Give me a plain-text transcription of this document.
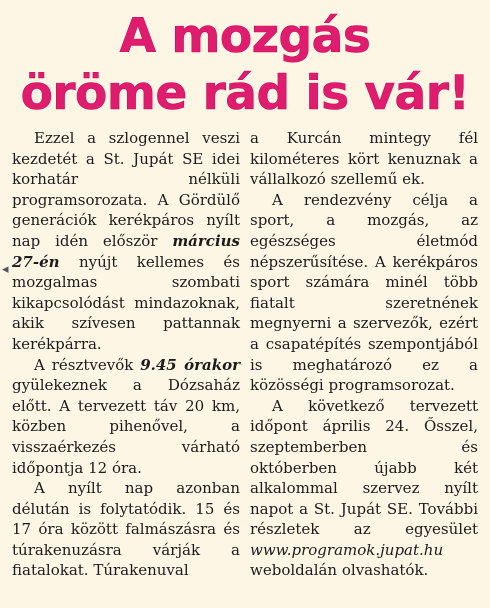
A mozgás
öröme rád is vár!
◂

Ezzel a szlogennel veszi kezdetét a St. Jupát SE idei korhatár nélküli programsorozata. A Gördülő generációk kerékpáros nyílt nap idén először március 27-én nyújt kellemes és mozgalmas szombati kikapcsolódást mindazoknak, akik szívesen pattannak kerékpárra.

A résztvevők 9.45 órakor gyülekeznek a Dózsaház előtt. A tervezett táv 20 km, közben pihenővel, a visszaérkezés várható időpontja 12 óra.

A nyílt nap azonban délután is folytatódik. 15 és 17 óra között falmászásra és túrakenuzásra várják a fiatalokat. Túrakenuval

a Kurcán mintegy fél kilométeres kört kenuznak a vállalkozó szellemű ek.

A rendezvény célja a sport, a mozgás, az egészséges életmód népszerűsítése. A kerékpáros sport számára minél több fiatalt szeretnének megnyerni a szervezők, ezért a csapatépítés szempontjából is meghatározó ez a közösségi programsorozat.

A következő tervezett időpont április 24. Ősszel, szeptemberben és októberben újabb két alkalommal szervez nyílt napot a St. Jupát SE. További részletek az egyesület www.programok.jupat.hu weboldalán olvashatók.
